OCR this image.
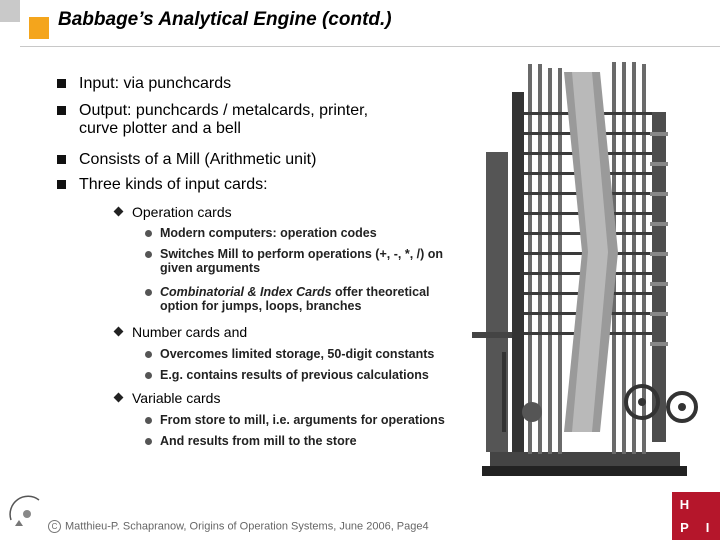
Babbage’s Analytical Engine (contd.)
Input: via punchcards
Output: punchcards / metalcards, printer,
curve plotter and a bell
Consists of a Mill (Arithmetic unit)
Three kinds of input cards:
Operation cards
Modern computers: operation codes
Switches Mill to perform operations (+, -, *, /) on
given arguments
Combinatorial & Index Cards offer theoretical
option for jumps, loops, branches
Number cards and
Overcomes limited storage, 50-digit constants
E.g. contains results of previous calculations
Variable cards
From store to mill, i.e. arguments for operations
And results from mill to the store
C Matthieu-P. Schapranow, Origins of Operation Systems, June 2006, Page4
H
P	I
